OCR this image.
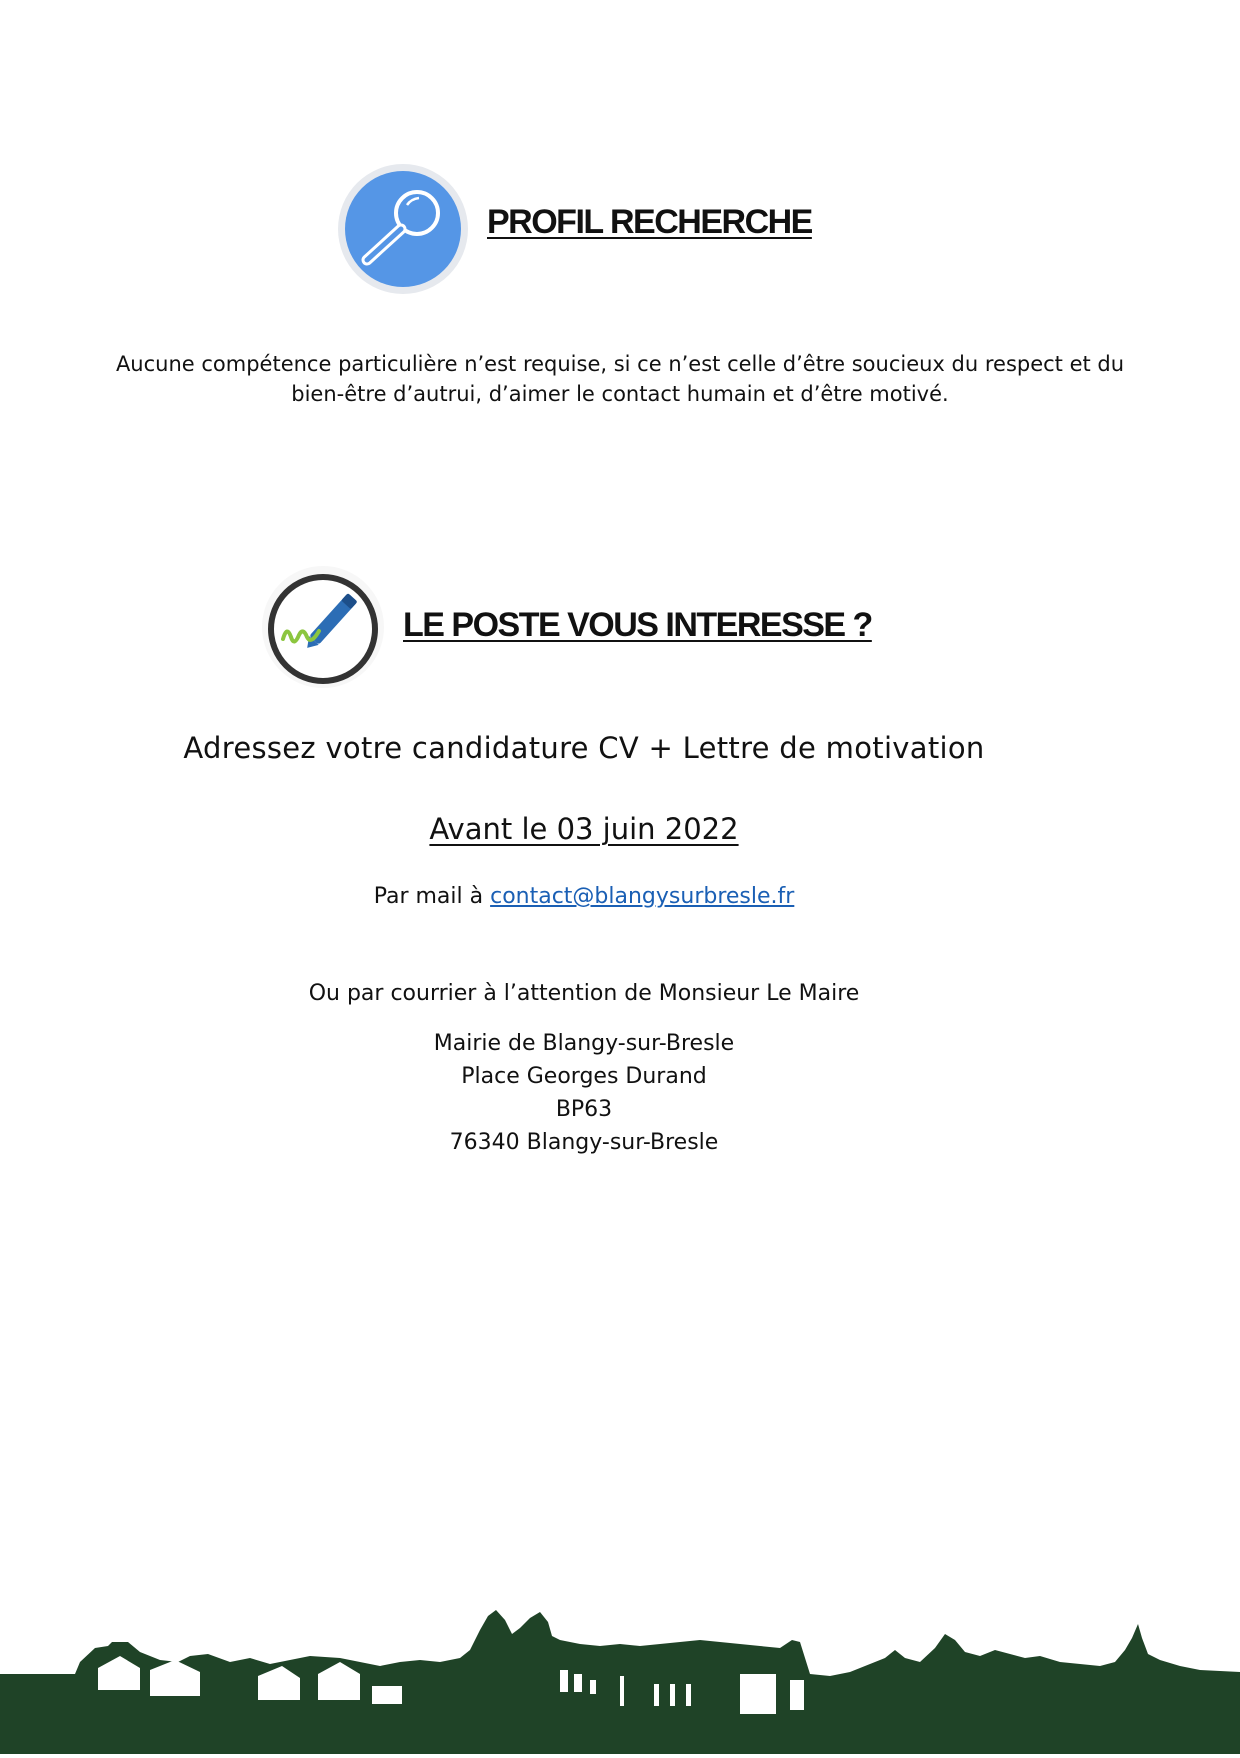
PROFIL RECHERCHE
Aucune compétence particulière n’est requise, si ce n’est celle d’être soucieux du respect et du
bien-être d’autrui, d’aimer le contact humain et d’être motivé.
LE POSTE VOUS INTERESSE ?
Adressez votre candidature CV + Lettre de motivation
Avant le 03 juin 2022
Par mail à contact@blangysurbresle.fr
Ou par courrier à l’attention de Monsieur Le Maire
Mairie de Blangy-sur-Bresle
Place Georges Durand
BP63
76340 Blangy-sur-Bresle
